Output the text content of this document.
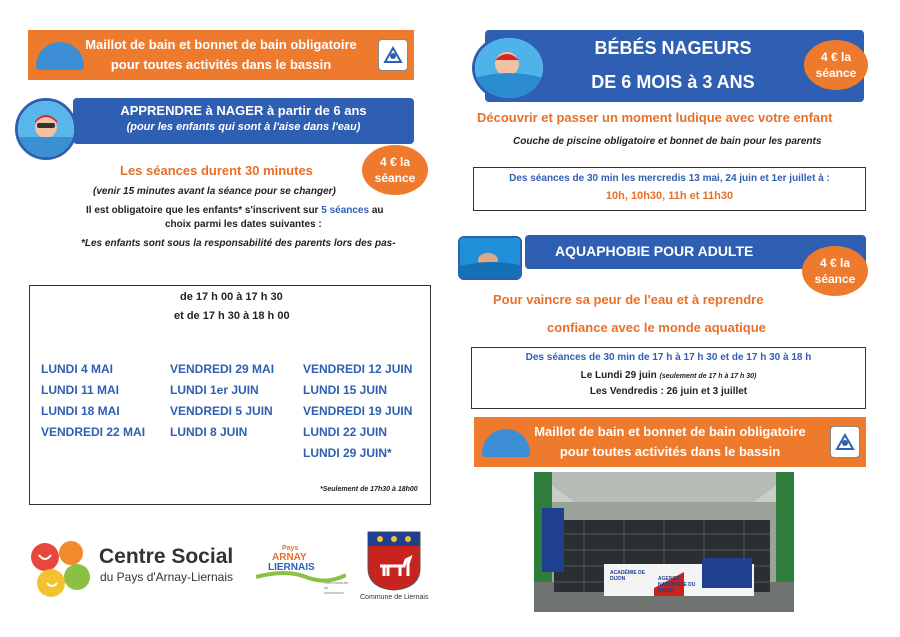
Maillot de bain et bonnet de bain obligatoire
pour toutes activités dans le bassin
APPRENDRE à NAGER à partir de 6 ans
(pour les enfants qui sont à l'aise dans l'eau)
Les séances durent 30 minutes
4 € la séance
(venir 15 minutes avant la séance pour se changer)
Il est obligatoire que les enfants* s'inscrivent sur 5 séances au
choix parmi les dates suivantes :
*Les enfants sont sous la responsabilité des parents lors des pas-
de 17 h 00 à 17 h 30
et de 17 h 30 à 18 h 00
LUNDI 4 MAI
LUNDI 11 MAI
LUNDI 18 MAI
VENDREDI 22 MAI
VENDREDI 29 MAI
LUNDI 1er JUIN
VENDREDI 5 JUIN
LUNDI 8 JUIN
VENDREDI 12 JUIN
LUNDI 15 JUIN
VENDREDI 19 JUIN
LUNDI 22 JUIN
LUNDI 29 JUIN*
*Seulement de 17h30 à 18h00
Centre Social
du Pays d'Arnay-Liernais
Pays
ARNAY
LIERNAIS
Communauté de communes
Commune de Liernais
BÉBÉS NAGEURS
DE 6 MOIS à 3 ANS
4 € la séance
Découvrir et passer un moment ludique avec votre enfant
Couche de piscine obligatoire et bonnet de bain pour les parents
Des séances de 30 min les mercredis 13 mai, 24 juin et 1er juillet à :
10h, 10h30, 11h et 11h30
AQUAPHOBIE POUR ADULTE
4 € la séance
Pour vaincre sa peur de l'eau et à reprendre
confiance avec le monde aquatique
Des séances de 30 min de 17 h à 17 h 30 et de 17 h 30 à 18 h
Le Lundi 29 juin (seulement de 17 h à 17 h 30)
Les Vendredis : 26 juin et 3 juillet
Maillot de bain et bonnet de bain obligatoire
pour toutes activités dans le bassin
ACADÉMIE DE DIJON	AGENCE NATIONALE DU SPORT
